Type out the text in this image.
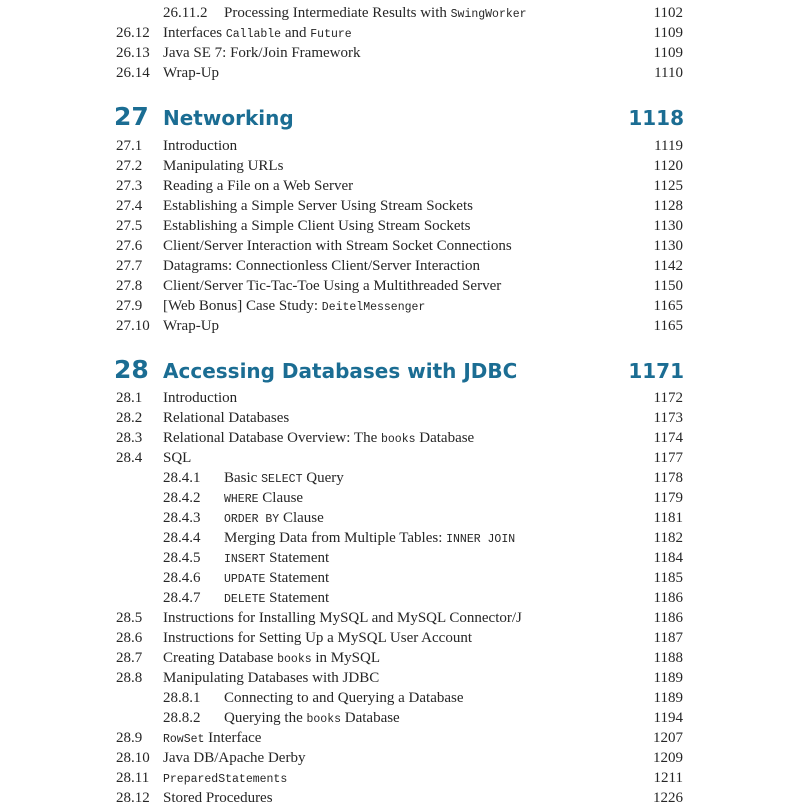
26.11.2 Processing Intermediate Results with SwingWorker	1102
26.12 Interfaces Callable and Future	1109
26.13 Java SE 7: Fork/Join Framework	1109
26.14 Wrap-Up	1110
27 Networking	1118
27.1 Introduction	1119
27.2 Manipulating URLs	1120
27.3 Reading a File on a Web Server	1125
27.4 Establishing a Simple Server Using Stream Sockets	1128
27.5 Establishing a Simple Client Using Stream Sockets	1130
27.6 Client/Server Interaction with Stream Socket Connections	1130
27.7 Datagrams: Connectionless Client/Server Interaction	1142
27.8 Client/Server Tic-Tac-Toe Using a Multithreaded Server	1150
27.9 [Web Bonus] Case Study: DeitelMessenger	1165
27.10 Wrap-Up	1165
28 Accessing Databases with JDBC	1171
28.1 Introduction	1172
28.2 Relational Databases	1173
28.3 Relational Database Overview: The books Database	1174
28.4 SQL	1177
28.4.1 Basic SELECT Query	1178
28.4.2 WHERE Clause	1179
28.4.3 ORDER BY Clause	1181
28.4.4 Merging Data from Multiple Tables: INNER JOIN	1182
28.4.5 INSERT Statement	1184
28.4.6 UPDATE Statement	1185
28.4.7 DELETE Statement	1186
28.5 Instructions for Installing MySQL and MySQL Connector/J	1186
28.6 Instructions for Setting Up a MySQL User Account	1187
28.7 Creating Database books in MySQL	1188
28.8 Manipulating Databases with JDBC	1189
28.8.1 Connecting to and Querying a Database	1189
28.8.2 Querying the books Database	1194
28.9 RowSet Interface	1207
28.10 Java DB/Apache Derby	1209
28.11 PreparedStatements	1211
28.12 Stored Procedures	1226
